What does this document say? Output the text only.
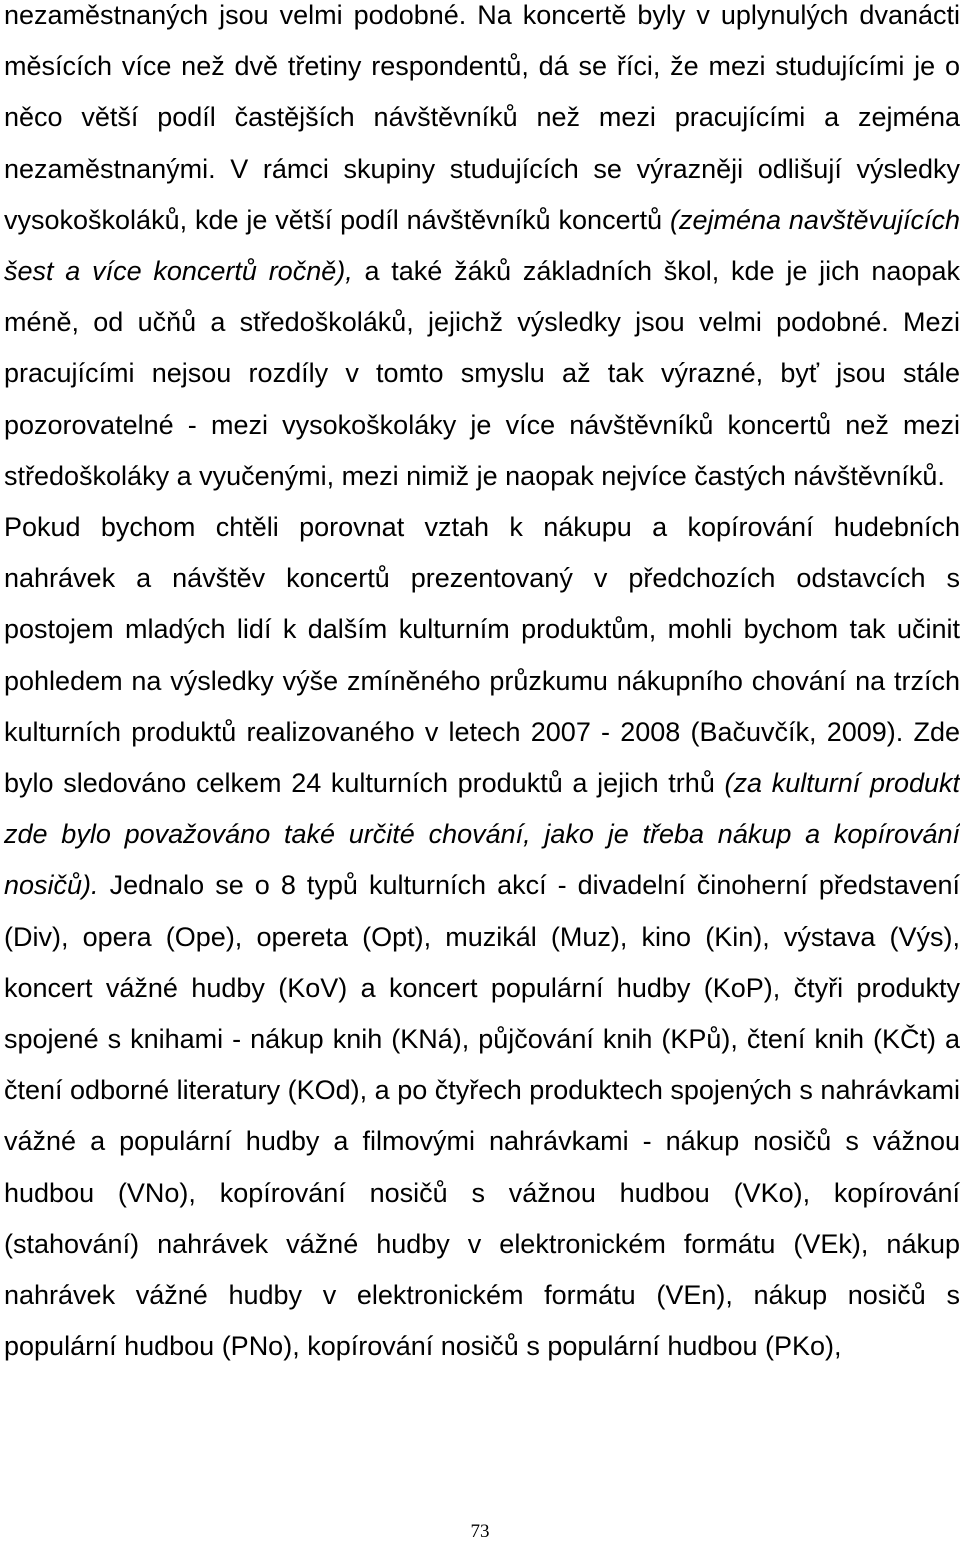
nezaměstnaných jsou velmi podobné. Na koncertě byly v uplynulých dvanácti měsících více než dvě třetiny respondentů, dá se říci, že mezi studujícími je o něco větší podíl častějších návštěvníků než mezi pracujícími a zejména nezaměstnanými. V rámci skupiny studujících se výrazněji odlišují výsledky vysokoškoláků, kde je větší podíl návštěvníků koncertů (zejména navštěvujících šest a více koncertů ročně), a také žáků základních škol, kde je jich naopak méně, od učňů a středoškoláků, jejichž výsledky jsou velmi podobné. Mezi pracujícími nejsou rozdíly v tomto smyslu až tak výrazné, byť jsou stále pozorovatelné - mezi vysokoškoláky je více návštěvníků koncertů než mezi středoškoláky a vyučenými, mezi nimiž je naopak nejvíce častých návštěvníků.

Pokud bychom chtěli porovnat vztah k nákupu a kopírování hudebních nahrávek a návštěv koncertů prezentovaný v předchozích odstavcích s postojem mladých lidí k dalším kulturním produktům, mohli bychom tak učinit pohledem na výsledky výše zmíněného průzkumu nákupního chování na trzích kulturních produktů realizovaného v letech 2007 - 2008 (Bačuvčík, 2009). Zde bylo sledováno celkem 24 kulturních produktů a jejich trhů (za kulturní produkt zde bylo považováno také určité chování, jako je třeba nákup a kopírování nosičů). Jednalo se o 8 typů kulturních akcí - divadelní činoherní představení (Div), opera (Ope), opereta (Opt), muzikál (Muz), kino (Kin), výstava (Výs), koncert vážné hudby (KoV) a koncert populární hudby (KoP), čtyři produkty spojené s knihami - nákup knih (KNá), půjčování knih (KPů), čtení knih (KČt) a čtení odborné literatury (KOd), a po čtyřech produktech spojených s nahrávkami vážné a populární hudby a filmovými nahrávkami - nákup nosičů s vážnou hudbou (VNo), kopírování nosičů s vážnou hudbou (VKo), kopírování (stahování) nahrávek vážné hudby v elektronickém formátu (VEk), nákup nahrávek vážné hudby v elektronickém formátu (VEn), nákup nosičů s populární hudbou (PNo), kopírování nosičů s populární hudbou (PKo),

73
